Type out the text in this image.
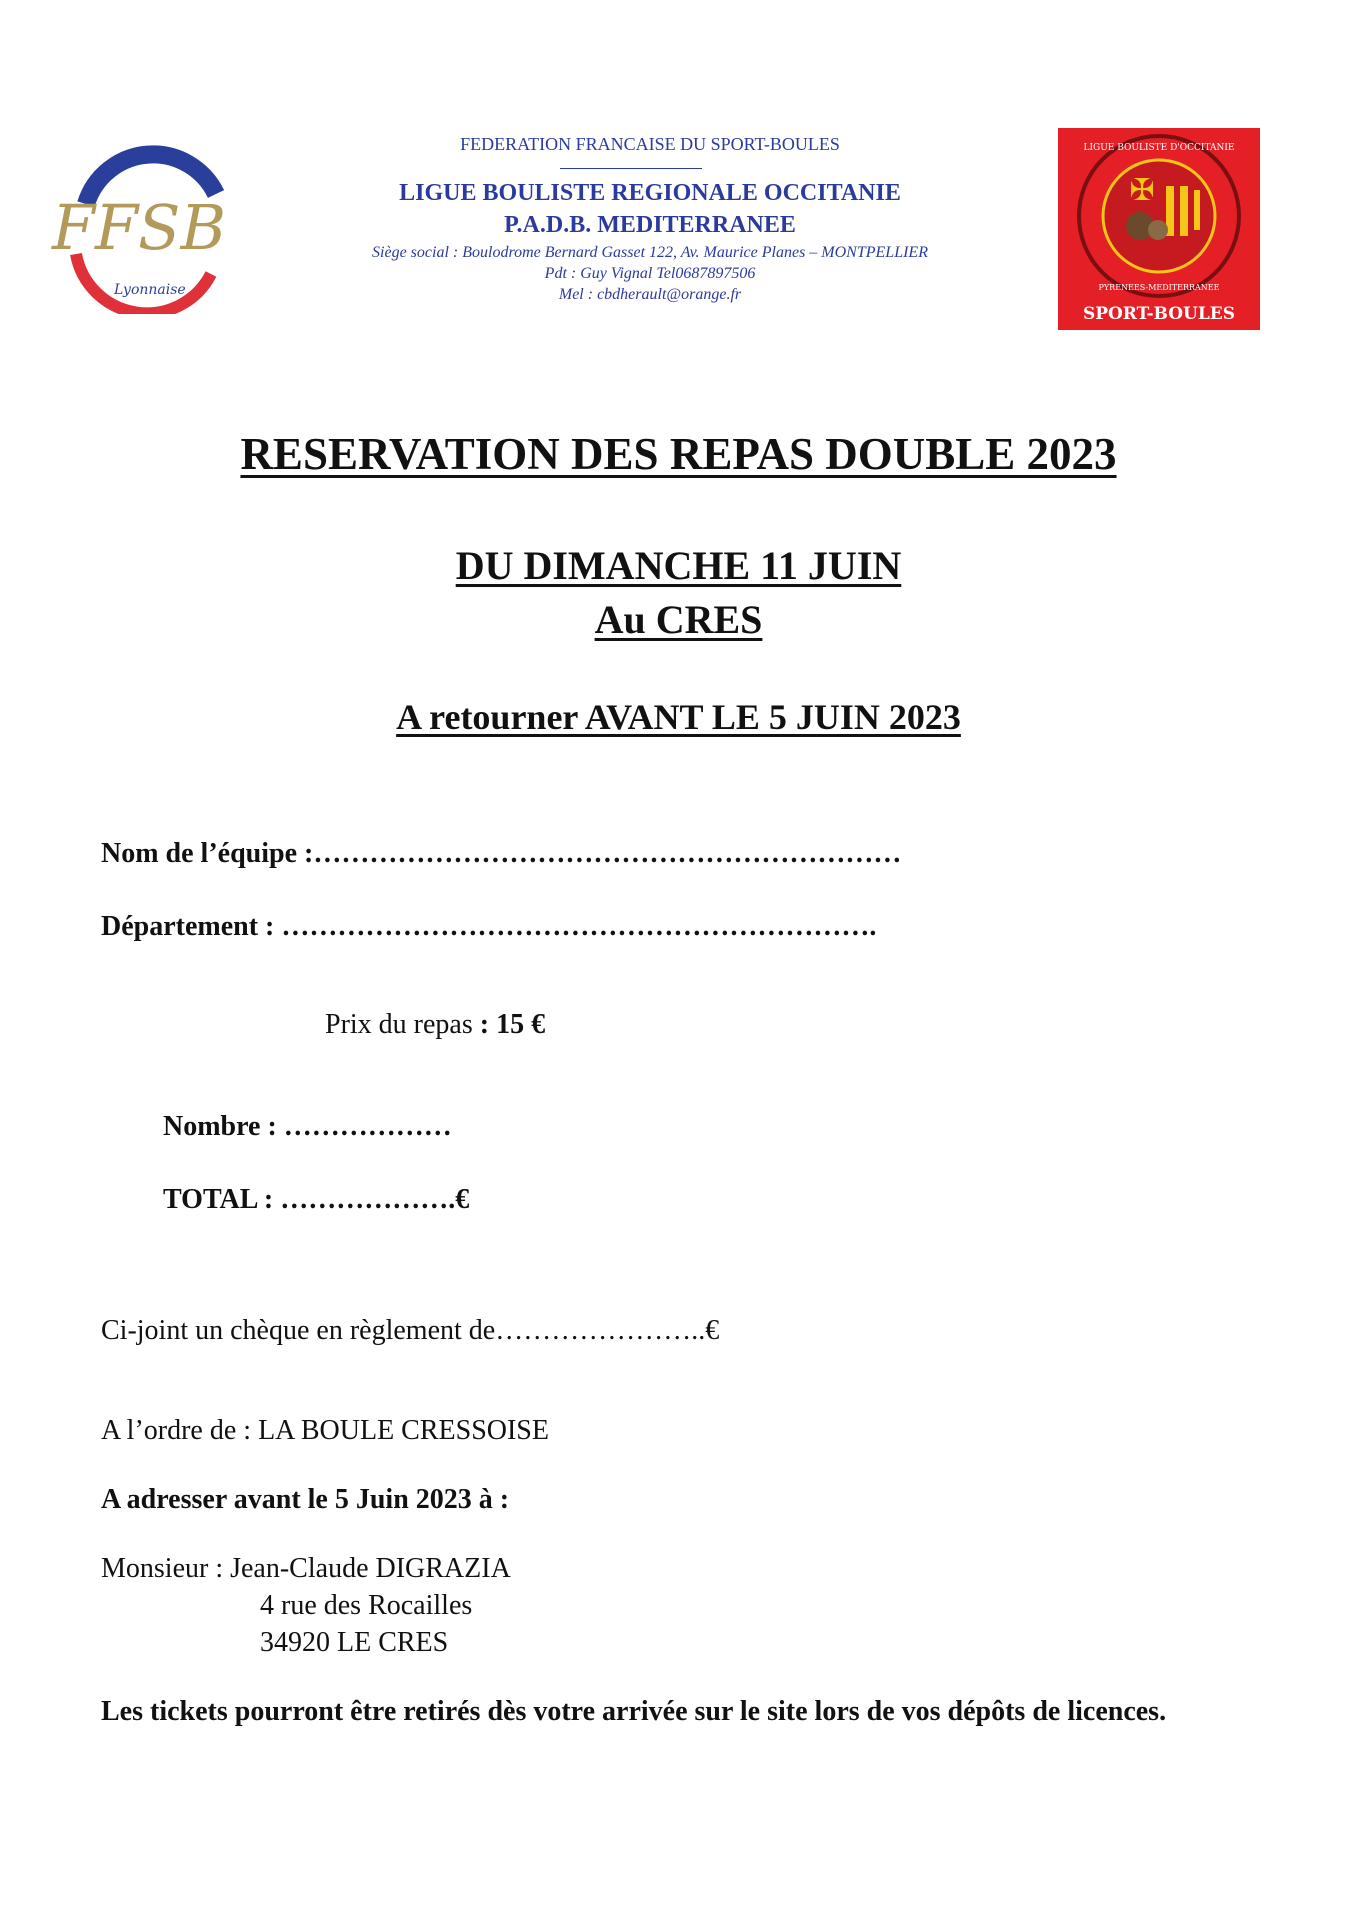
Boule
FFSB
Lyonnaise
FEDERATION FRANCAISE DU SPORT-BOULES
LIGUE BOULISTE REGIONALE OCCITANIE
P.A.D.B. MEDITERRANEE
Siège social : Boulodrome Bernard Gasset 122, Av. Maurice Planes – MONTPELLIER
Pdt : Guy Vignal Tel0687897506
Mel : cbdherault@orange.fr
✠
LIGUE BOULISTE D'OCCITANIE
PYRENEES-MEDITERRANEE
SPORT-BOULES
RESERVATION DES REPAS DOUBLE 2023
DU DIMANCHE 11 JUIN
Au CRES
A retourner AVANT LE 5 JUIN 2023
Nom de l’équipe :………………………………………………………
Département : ……………………………………………………….
Prix du repas : 15 €
Nombre : ………………
TOTAL : ……………….€
Ci-joint un chèque en règlement de…………………..€
A l’ordre de : LA BOULE CRESSOISE
A adresser avant le 5 Juin 2023 à :
Monsieur : Jean-Claude DIGRAZIA
4 rue des Rocailles
34920 LE CRES
Les tickets pourront être retirés dès votre arrivée sur le site lors de vos dépôts de licences.
